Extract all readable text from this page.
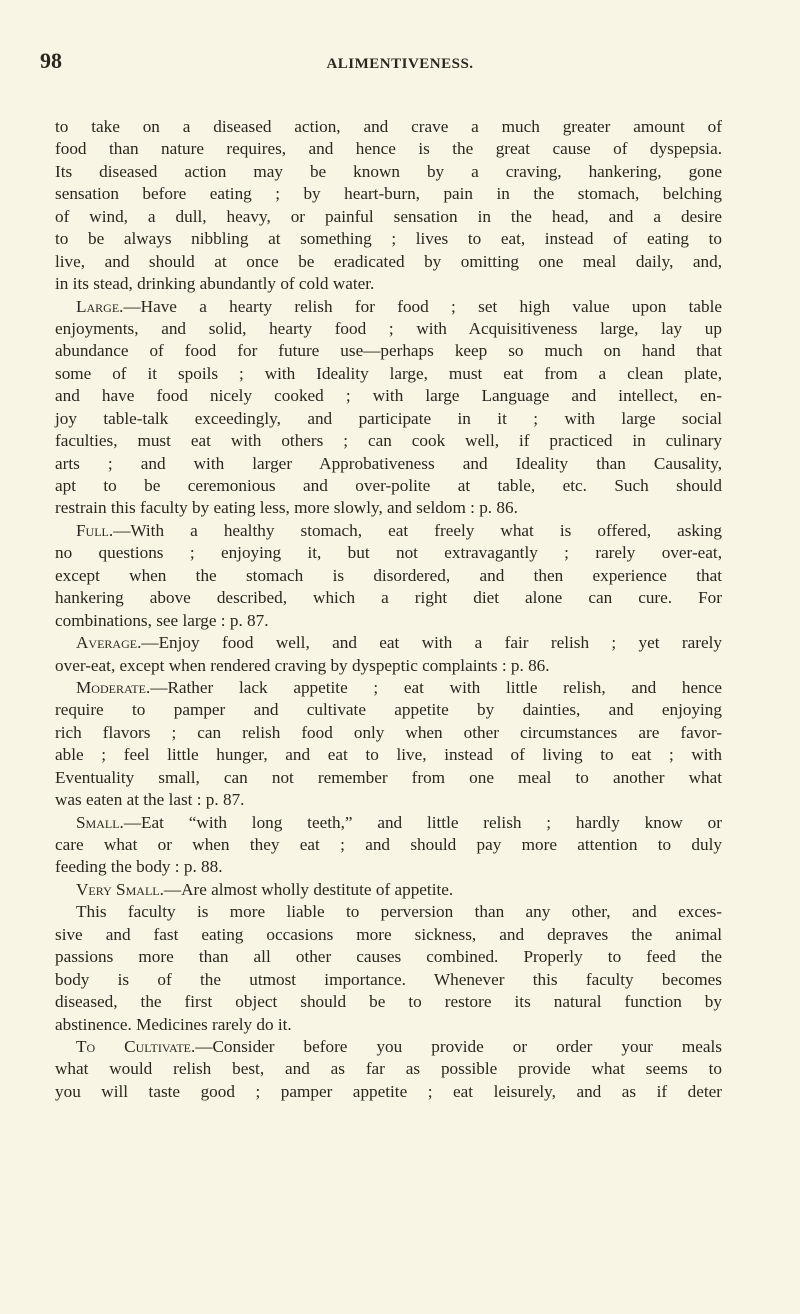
98	ALIMENTIVENESS.
to take on a diseased action, and crave a much greater amount of
food than nature requires, and hence is the great cause of dyspepsia.
Its diseased action may be known by a craving, hankering, gone
sensation before eating ; by heart-burn, pain in the stomach, belching
of wind, a dull, heavy, or painful sensation in the head, and a desire
to be always nibbling at something ; lives to eat, instead of eating to
live, and should at once be eradicated by omitting one meal daily, and,
in its stead, drinking abundantly of cold water.
Large.—Have a hearty relish for food ; set high value upon table
enjoyments, and solid, hearty food ; with Acquisitiveness large, lay up
abundance of food for future use—perhaps keep so much on hand that
some of it spoils ; with Ideality large, must eat from a clean plate,
and have food nicely cooked ; with large Language and intellect, en-
joy table-talk exceedingly, and participate in it ; with large social
faculties, must eat with others ; can cook well, if practiced in culinary
arts ; and with larger Approbativeness and Ideality than Causality,
apt to be ceremonious and over-polite at table, etc. Such should
restrain this faculty by eating less, more slowly, and seldom : p. 86.
Full.—With a healthy stomach, eat freely what is offered, asking
no questions ; enjoying it, but not extravagantly ; rarely over-eat,
except when the stomach is disordered, and then experience that
hankering above described, which a right diet alone can cure. For
combinations, see large : p. 87.
Average.—Enjoy food well, and eat with a fair relish ; yet rarely
over-eat, except when rendered craving by dyspeptic complaints : p. 86.
Moderate.—Rather lack appetite ; eat with little relish, and hence
require to pamper and cultivate appetite by dainties, and enjoying
rich flavors ; can relish food only when other circumstances are favor-
able ; feel little hunger, and eat to live, instead of living to eat ; with
Eventuality small, can not remember from one meal to another what
was eaten at the last : p. 87.
Small.—Eat “with long teeth,” and little relish ; hardly know or
care what or when they eat ; and should pay more attention to duly
feeding the body : p. 88.
Very Small.—Are almost wholly destitute of appetite.
This faculty is more liable to perversion than any other, and exces-
sive and fast eating occasions more sickness, and depraves the animal
passions more than all other causes combined. Properly to feed the
body is of the utmost importance. Whenever this faculty becomes
diseased, the first object should be to restore its natural function by
abstinence. Medicines rarely do it.
To Cultivate.—Consider before you provide or order your meals
what would relish best, and as far as possible provide what seems to
you will taste good ; pamper appetite ; eat leisurely, and as if deter
